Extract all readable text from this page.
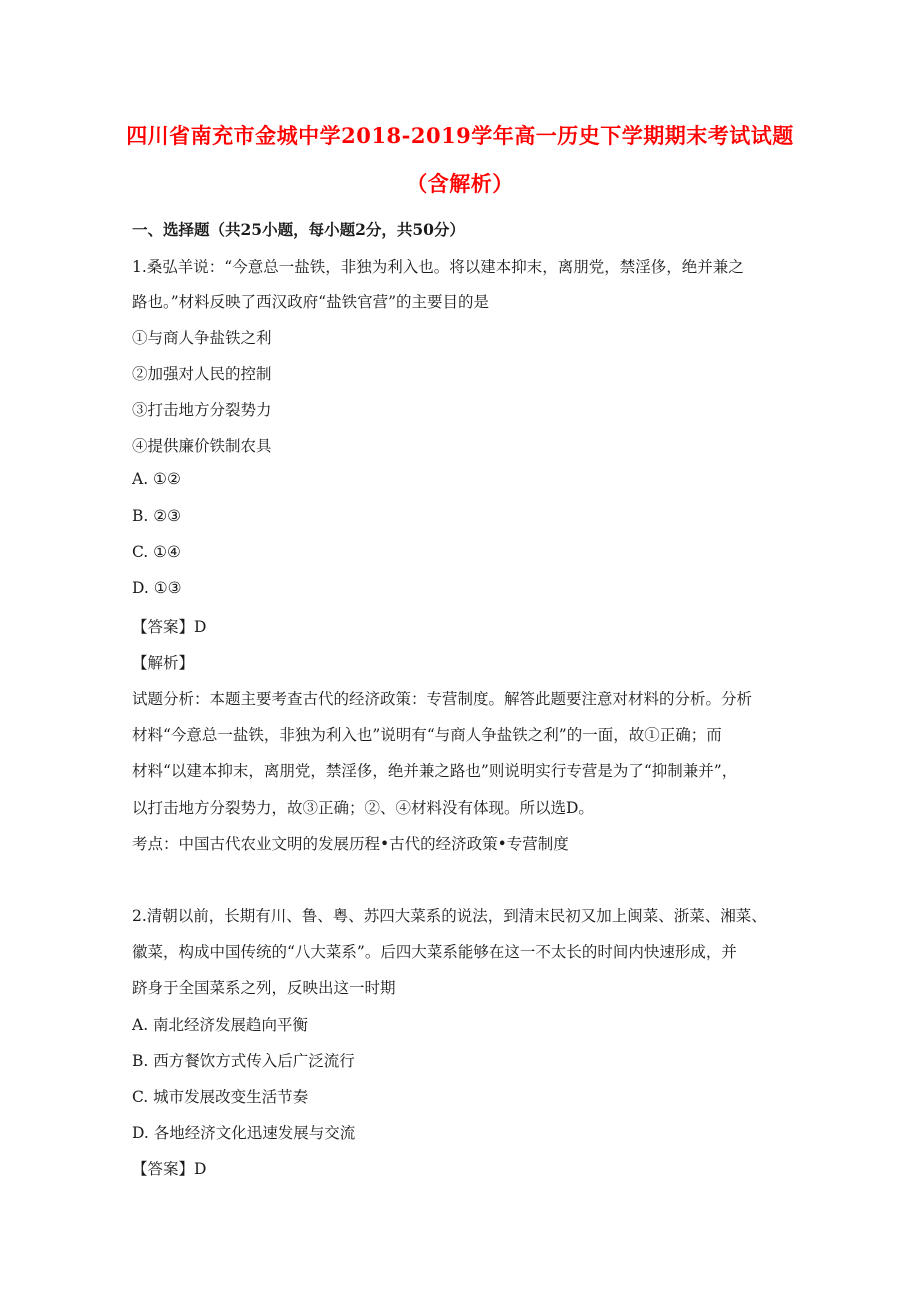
四川省南充市金城中学2018-2019学年高一历史下学期期末考试试题
（含解析）
一、选择题（共25小题，每小题2分，共50分）
1.桑弘羊说：“今意总一盐铁，非独为利入也。将以建本抑末，离朋党，禁淫侈，绝并兼之
路也。”材料反映了西汉政府“盐铁官营”的主要目的是
①与商人争盐铁之利
②加强对人民的控制
③打击地方分裂势力
④提供廉价铁制农具
A. ①②
B. ②③
C. ①④
D. ①③
【答案】D
【解析】
试题分析：本题主要考查古代的经济政策：专营制度。解答此题要注意对材料的分析。分析
材料“今意总一盐铁，非独为利入也”说明有“与商人争盐铁之利”的一面，故①正确；而
材料“以建本抑末，离朋党，禁淫侈，绝并兼之路也”则说明实行专营是为了“抑制兼并”，
以打击地方分裂势力，故③正确；②、④材料没有体现。所以选D。
考点：中国古代农业文明的发展历程•古代的经济政策•专营制度
2.清朝以前，长期有川、鲁、粤、苏四大菜系的说法，到清末民初又加上闽菜、浙菜、湘菜、
徽菜，构成中国传统的“八大菜系”。后四大菜系能够在这一不太长的时间内快速形成，并
跻身于全国菜系之列，反映出这一时期
A. 南北经济发展趋向平衡
B. 西方餐饮方式传入后广泛流行
C. 城市发展改变生活节奏
D. 各地经济文化迅速发展与交流
【答案】D
